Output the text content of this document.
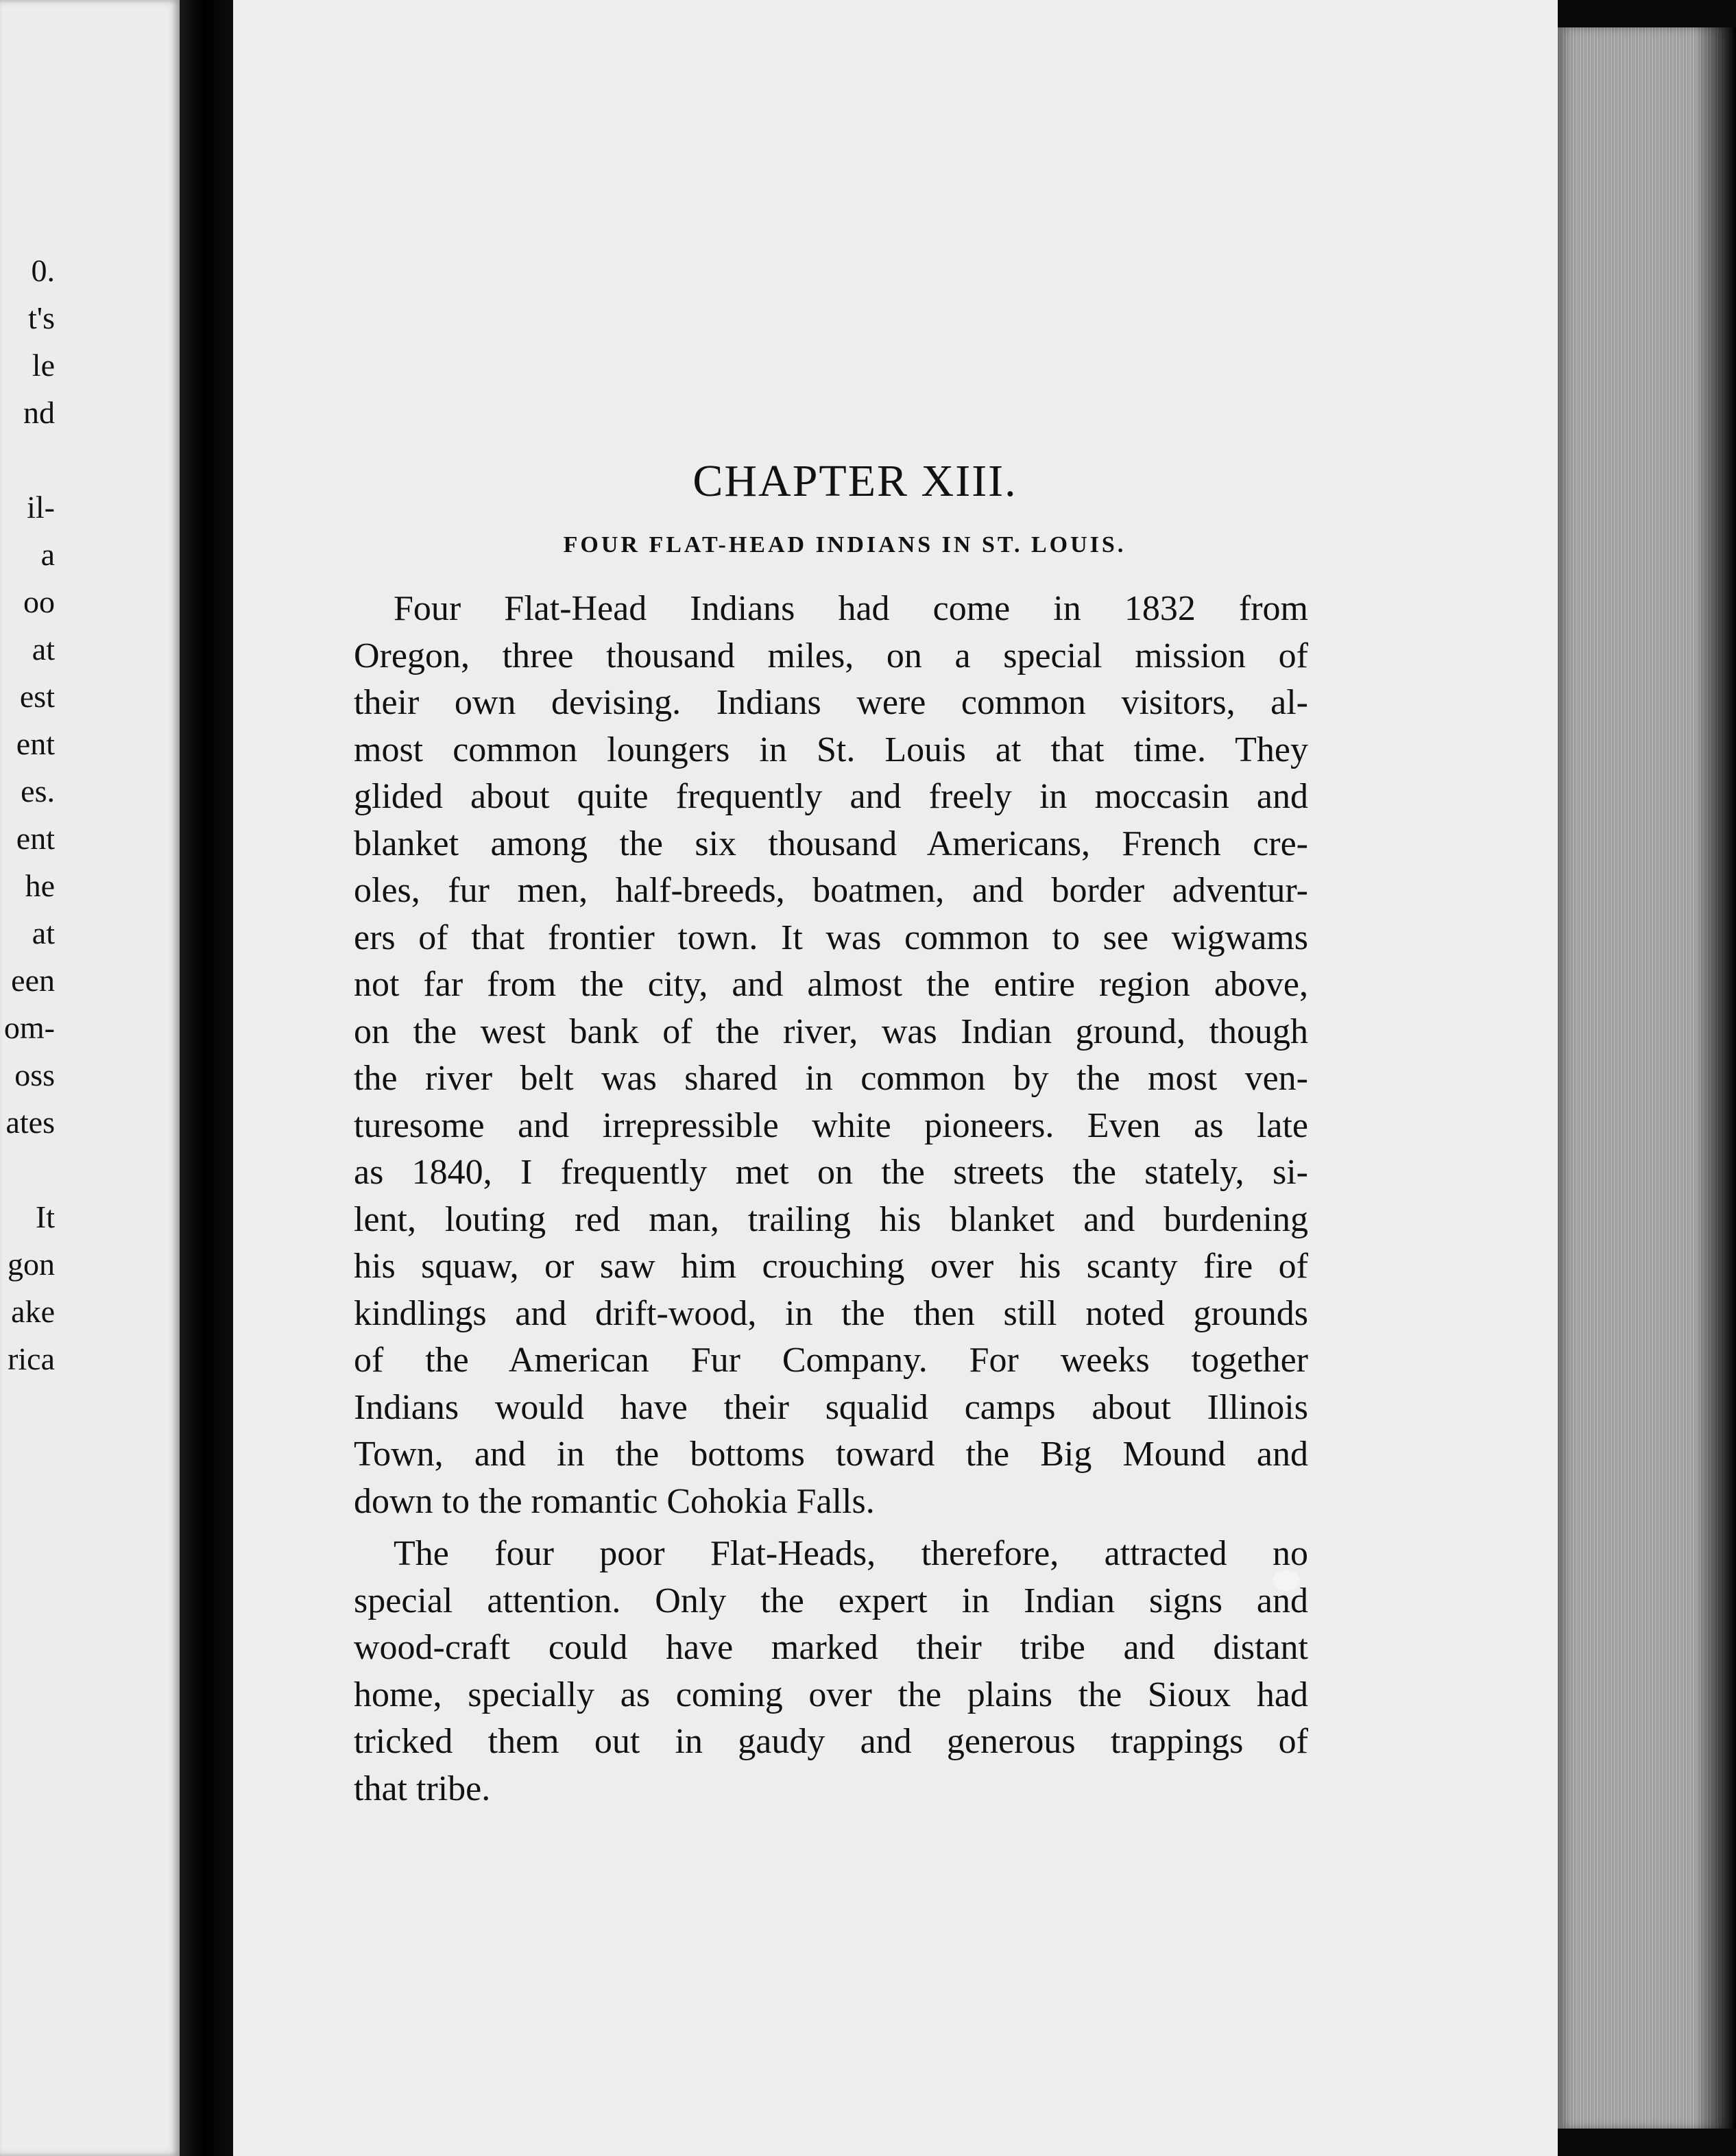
0.
t's
le
nd
il-
a
oo
at
est
ent
es.
ent
he
at
een
om-
oss
ates
It
gon
ake
rica
CHAPTER XIII.
FOUR FLAT-HEAD INDIANS IN ST. LOUIS.
Four Flat-Head Indians had come in 1832 from
Oregon, three thousand miles, on a special mission of
their own devising. Indians were common visitors, al-
most common loungers in St. Louis at that time. They
glided about quite frequently and freely in moccasin and
blanket among the six thousand Americans, French cre-
oles, fur men, half-breeds, boatmen, and border adventur-
ers of that frontier town. It was common to see wigwams
not far from the city, and almost the entire region above,
on the west bank of the river, was Indian ground, though
the river belt was shared in common by the most ven-
turesome and irrepressible white pioneers. Even as late
as 1840, I frequently met on the streets the stately, si-
lent, louting red man, trailing his blanket and burdening
his squaw, or saw him crouching over his scanty fire of
kindlings and drift-wood, in the then still noted grounds
of the American Fur Company. For weeks together
Indians would have their squalid camps about Illinois
Town, and in the bottoms toward the Big Mound and
down to the romantic Cohokia Falls.
The four poor Flat-Heads, therefore, attracted no
special attention. Only the expert in Indian signs and
wood-craft could have marked their tribe and distant
home, specially as coming over the plains the Sioux had
tricked them out in gaudy and generous trappings of
that tribe.
